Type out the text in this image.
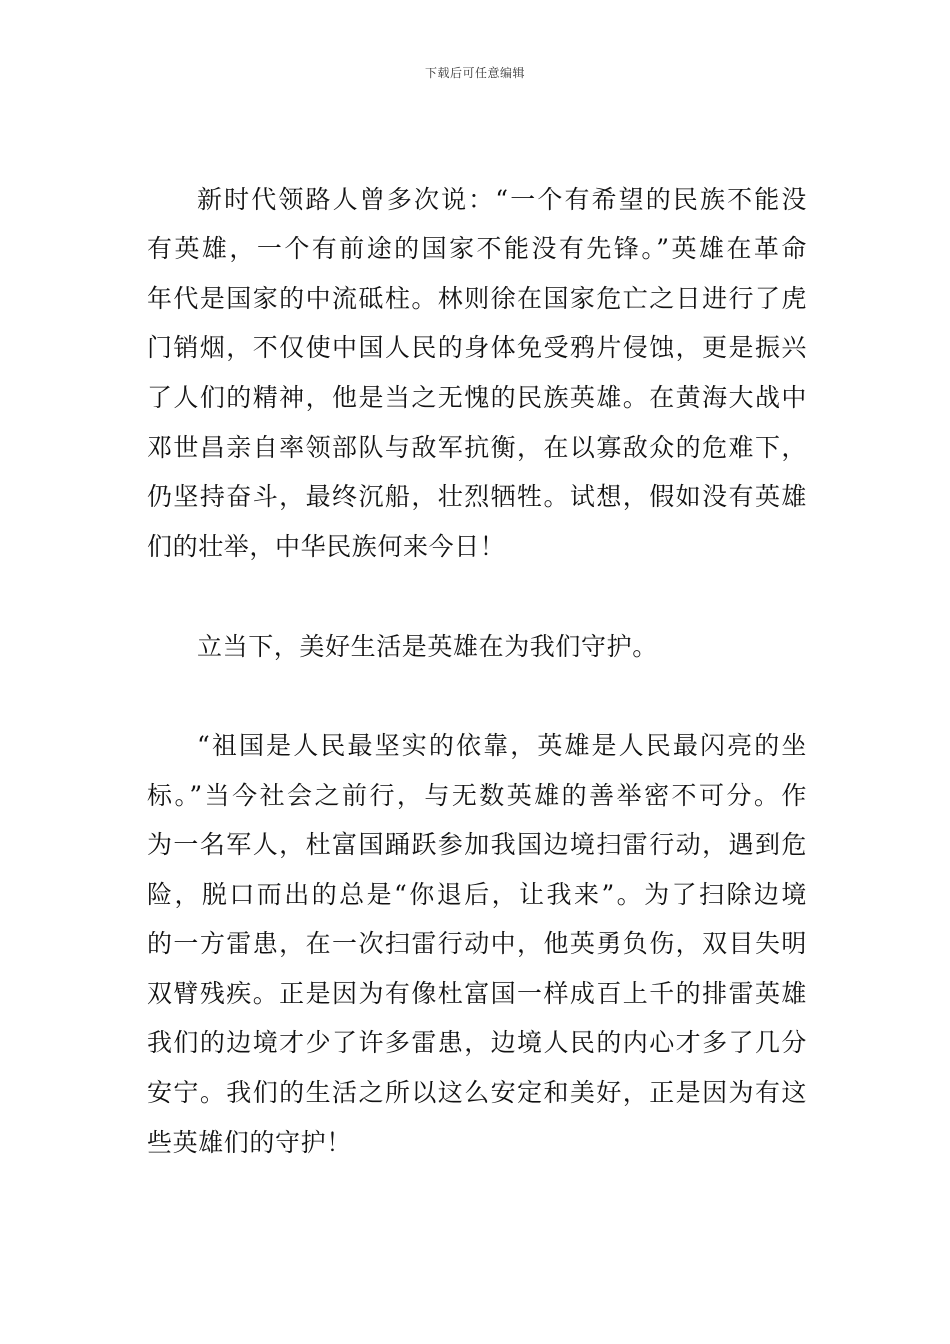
下载后可任意编辑
新时代领路人曾多次说：“一个有希望的民族不能没
有英雄，一个有前途的国家不能没有先锋。”英雄在革命
年代是国家的中流砥柱。林则徐在国家危亡之日进行了虎
门销烟，不仅使中国人民的身体免受鸦片侵蚀，更是振兴
了人们的精神，他是当之无愧的民族英雄。在黄海大战中
邓世昌亲自率领部队与敌军抗衡，在以寡敌众的危难下，
仍坚持奋斗，最终沉船，壮烈牺牲。试想，假如没有英雄
们的壮举，中华民族何来今日！
立当下，美好生活是英雄在为我们守护。
“祖国是人民最坚实的依靠，英雄是人民最闪亮的坐
标。”当今社会之前行，与无数英雄的善举密不可分。作
为一名军人，杜富国踊跃参加我国边境扫雷行动，遇到危
险，脱口而出的总是“你退后，让我来”。为了扫除边境
的一方雷患，在一次扫雷行动中，他英勇负伤，双目失明
双臂残疾。正是因为有像杜富国一样成百上千的排雷英雄
我们的边境才少了许多雷患，边境人民的内心才多了几分
安宁。我们的生活之所以这么安定和美好，正是因为有这
些英雄们的守护！
